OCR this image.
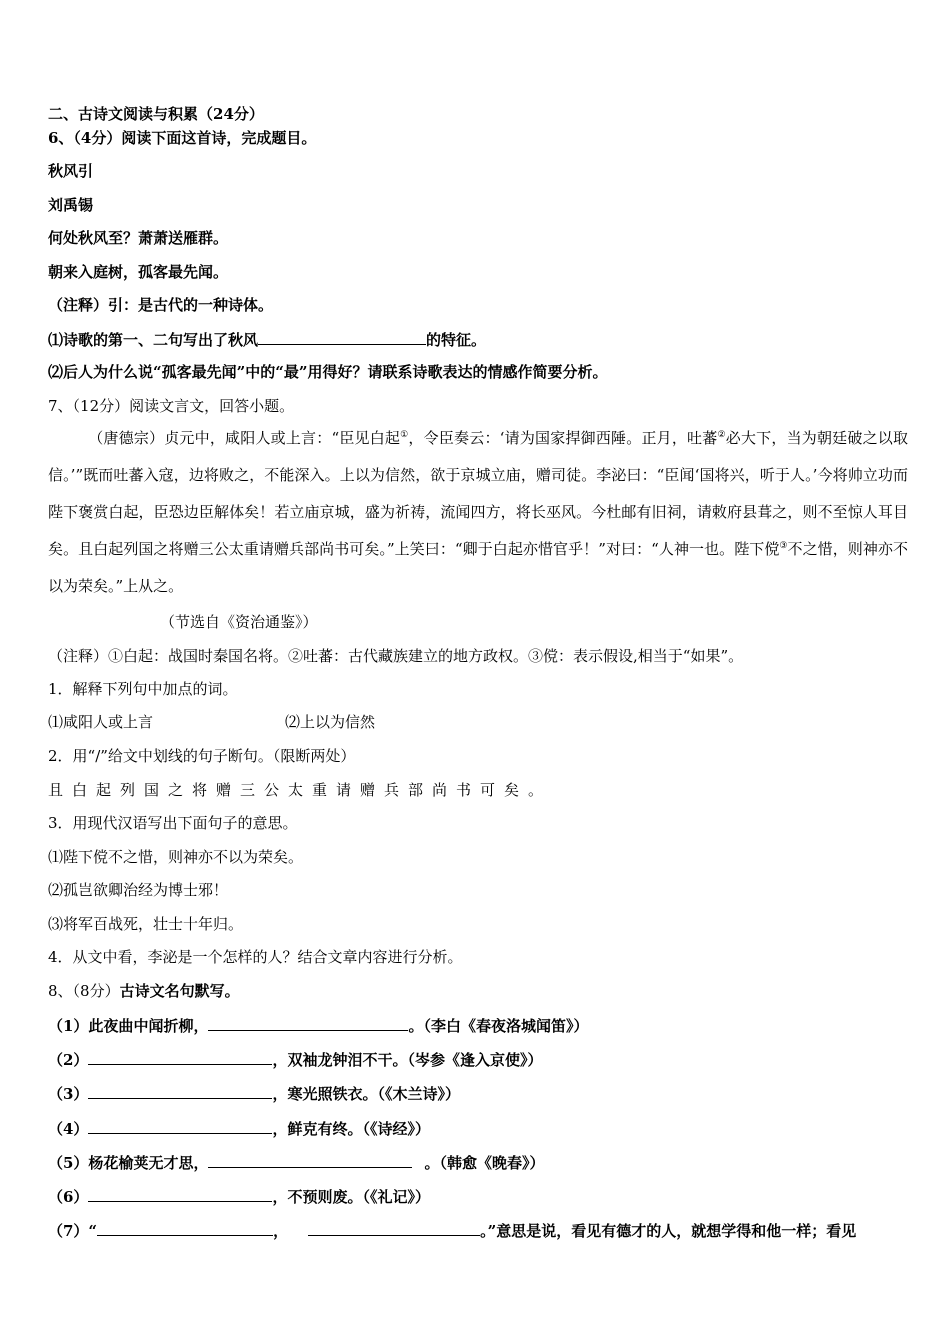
二、古诗文阅读与积累（24分）
6、（4分）阅读下面这首诗，完成题目。
秋风引
刘禹锡
何处秋风至？萧萧送雁群。
朝来入庭树，孤客最先闻。
（注释）引：是古代的一种诗体。
⑴诗歌的第一、二句写出了秋风	的特征。
⑵后人为什么说“孤客最先闻”中的“最”用得好？请联系诗歌表达的情感作简要分析。
7、（12分）阅读文言文，回答小题。
（唐德宗）贞元中，咸阳人或上言：“臣见白起①，令臣奏云：‘请为国家捍御西陲。正月，吐蕃②必大下，当为朝廷破之以取信。’”既而吐蕃入寇，边将败之，不能深入。上以为信然，欲于京城立庙，赠司徒。李泌曰：“臣闻‘国将兴，听于人。’今将帅立功而陛下褒赏白起，臣恐边臣解体矣！若立庙京城，盛为祈祷，流闻四方，将长巫风。今杜邮有旧祠，请敕府县葺之，则不至惊人耳目矣。且白起列国之将赠三公太重请赠兵部尚书可矣。”上笑曰：“卿于白起亦惜官乎！”对曰：“人神一也。陛下傥③不之惜，则神亦不以为荣矣。”上从之。
（节选自《资治通鉴》）
（注释）①白起：战国时秦国名将。②吐蕃：古代藏族建立的地方政权。③傥：表示假设,相当于“如果”。
1．解释下列句中加点的词。
⑴咸阳人或上言	⑵上以为信然
2．用“/”给文中划线的句子断句。（限断两处）
且白起列国之将赠三公太重请赠兵部尚书可矣。
3．用现代汉语写出下面句子的意思。
⑴陛下傥不之惜，则神亦不以为荣矣。
⑵孤岂欲卿治经为博士邪！
⑶将军百战死，壮士十年归。
4．从文中看，李泌是一个怎样的人？结合文章内容进行分析。
8、（8分）古诗文名句默写。
（1）此夜曲中闻折柳，	。（李白《春夜洛城闻笛》）
（2）	，双袖龙钟泪不干。（岑参《逢入京使》）
（3）	，寒光照铁衣。（《木兰诗》）
（4）	，鲜克有终。（《诗经》）
（5）杨花榆荚无才思，	。（韩愈《晚春》）
（6）	，不预则废。（《礼记》）
（7）“	，	。”意思是说，看见有德才的人，就想学得和他一样；看见
